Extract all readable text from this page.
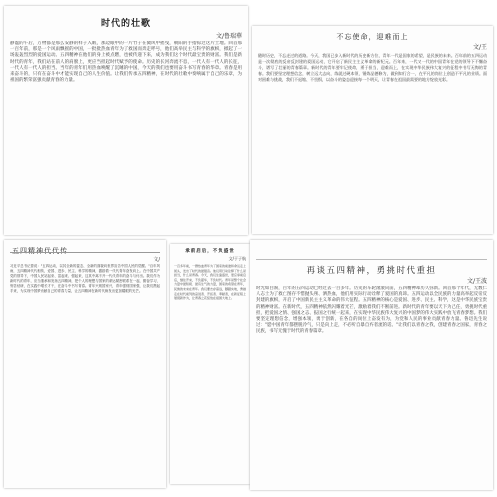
时代的壮歌
文/鲁瑞華
静谧的午后，万物都是那么安静的样子入眠，那边眼中的一片竹子在微风中摇曳，朝阳的手指掠过这片土地。回首那一百年前，那是一个风雨飘摇的中国，一批批热血青年为了救国而奔走呼号，他们高举民主与科学的旗帜，掀起了一场轰轰烈烈的爱国运动。五四精神在他们的身上被点燃，也被传递下来，成为我们这个时代最宝贵的财富。我们是新时代的青年，我们站在前人的肩膀上，更应当担起时代赋予的使命。历史的长河奔流不息，一代人有一代人的长征，一代人有一代人的担当。当年的青年们用热血唤醒了沉睡的中国，今天的我们也要用奋斗书写青春的华章。青春是用来奋斗的，只有在奋斗中才能实现自己的人生价值。让我们传承五四精神，在时代的壮歌中奏响属于自己的乐章，为祖国的繁荣富强贡献青春的力量。
不忘使命，迎难而上
文/王
随时历史，不忘走过的道路。今天，我国已步入新时代的历史新方位，青年一代是国家的希望，是民族的未来。百年前的五四运动是一次彻底的反帝反封建的爱国运动，它开启了新民主主义革命的新纪元。百年来，一代又一代的中国青年在党的领导下不懈奋斗，谱写了壮丽的青春篇章。新时代的青年要牢记使命，勇于担当，迎难而上，在实现中华民族伟大复兴的征程中书写无悔的青春。我们要坚定理想信念，树立远大志向，练就过硬本领，锤炼品德修为，做到知行合一，在平凡的岗位上创造不平凡的业绩。面对困难与挑战，我们不退缩、不畏惧，以奋斗的姿态迎接每一个明天，让青春在祖国最需要的地方绽放光彩。
五四精神代代传
文/
习近平总书记曾说："五四运动，以其全新的姿态、全新的面貌向世界宣告中国人民的觉醒。"百年风雨，五四精神代代相传，爱国、进步、民主、科学的精神，激励着一代代青年奋发向上。在中国共产党的领导下，中国人民站起来、富起来、强起来，这其中离不开一代代青年的奋斗与付出。我们作为新时代的青年，应当继承和发扬五四精神，把个人的理想与国家的命运紧密联系在一起，勤奋学习，刻苦钻研，在实践中增长才干，在奋斗中书写青春。青年兴则国家兴，青年强则国家强，让我们携起手来，为实现中国梦贡献自己的青春力量，让五四精神在新时代焕发出更加耀眼的光芒。
承前启后，不负盛世
文/于子航
一百多年前，一群热血青年为了国家的前途和命运走上街头，发出了时代的最强音。他们用行动诠释了什么是担当，什么是青春。今天，我们生逢盛世，更应承前启后，继往开来，不负韶华，不负时代。青年是整个社会力量中最积极、最有生气的力量，国家的希望在青年，民族的未来在青年。我们要志存高远，脚踏实地，勇做走在时代前列的奋进者、开拓者、奉献者，在新征程上展现新作为，让青春之花绽放在祖国大地上。
再谈五四精神，勇挑时代重担
文/王波
时光如白驹，百年的五四运动已经过去一百多年。历史的车轮滚滚向前，五四精神却历久弥新。回首那个年代，无数仁人志士为了救亡图存不惜抛头颅、洒热血，他们用实际行动诠释了爱国的真谛。五四运动以全民族的力量高举起反帝反封建的旗帜，开启了中国新民主主义革命的伟大征程。五四精神的核心是爱国、进步、民主、科学，这是中华民族宝贵的精神财富。在新时代，五四精神依然闪耀着光芒，激励着我们不断前进。新时代的青年要以天下为己任，勇挑时代重担，把爱国之情、强国之志、报国之行统一起来，在实现中华民族伟大复兴的中国梦的伟大实践中放飞青春梦想。我们要坚定理想信念，增强本领，勇于创新，在各自的岗位上奋发有为，为党和人民的事业贡献青春力量。鲁迅先生说过："愿中国青年都摆脱冷气，只是向上走，不必听自暴自弃者流的话。"让我们以青春之我，创建青春之国家，青春之民族，书写无愧于时代的青春篇章。
